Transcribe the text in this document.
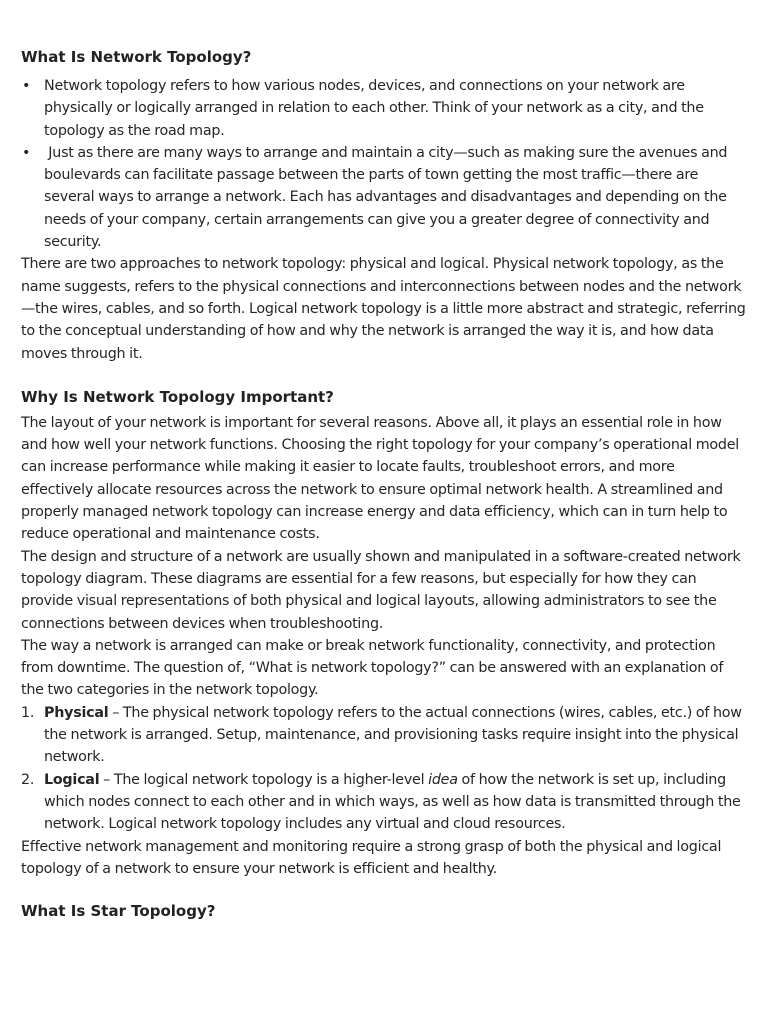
What Is Network Topology?
• Network topology refers to how various nodes, devices, and connections on your network are physically or logically arranged in relation to each other. Think of your network as a city, and the topology as the road map.
• Just as there are many ways to arrange and maintain a city—such as making sure the avenues and boulevards can facilitate passage between the parts of town getting the most traffic—there are several ways to arrange a network. Each has advantages and disadvantages and depending on the needs of your company, certain arrangements can give you a greater degree of connectivity and security.

There are two approaches to network topology: physical and logical. Physical network topology, as the name suggests, refers to the physical connections and interconnections between nodes and the network—the wires, cables, and so forth. Logical network topology is a little more abstract and strategic, referring to the conceptual understanding of how and why the network is arranged the way it is, and how data moves through it.

Why Is Network Topology Important?

The layout of your network is important for several reasons. Above all, it plays an essential role in how and how well your network functions. Choosing the right topology for your company’s operational model can increase performance while making it easier to locate faults, troubleshoot errors, and more effectively allocate resources across the network to ensure optimal network health. A streamlined and properly managed network topology can increase energy and data efficiency, which can in turn help to reduce operational and maintenance costs.

The design and structure of a network are usually shown and manipulated in a software-created network topology diagram. These diagrams are essential for a few reasons, but especially for how they can provide visual representations of both physical and logical layouts, allowing administrators to see the connections between devices when troubleshooting.

The way a network is arranged can make or break network functionality, connectivity, and protection from downtime. The question of, “What is network topology?” can be answered with an explanation of the two categories in the network topology.

1. Physical – The physical network topology refers to the actual connections (wires, cables, etc.) of how the network is arranged. Setup, maintenance, and provisioning tasks require insight into the physical network.
2. Logical – The logical network topology is a higher-level idea of how the network is set up, including which nodes connect to each other and in which ways, as well as how data is transmitted through the network. Logical network topology includes any virtual and cloud resources.

Effective network management and monitoring require a strong grasp of both the physical and logical topology of a network to ensure your network is efficient and healthy.

What Is Star Topology?
